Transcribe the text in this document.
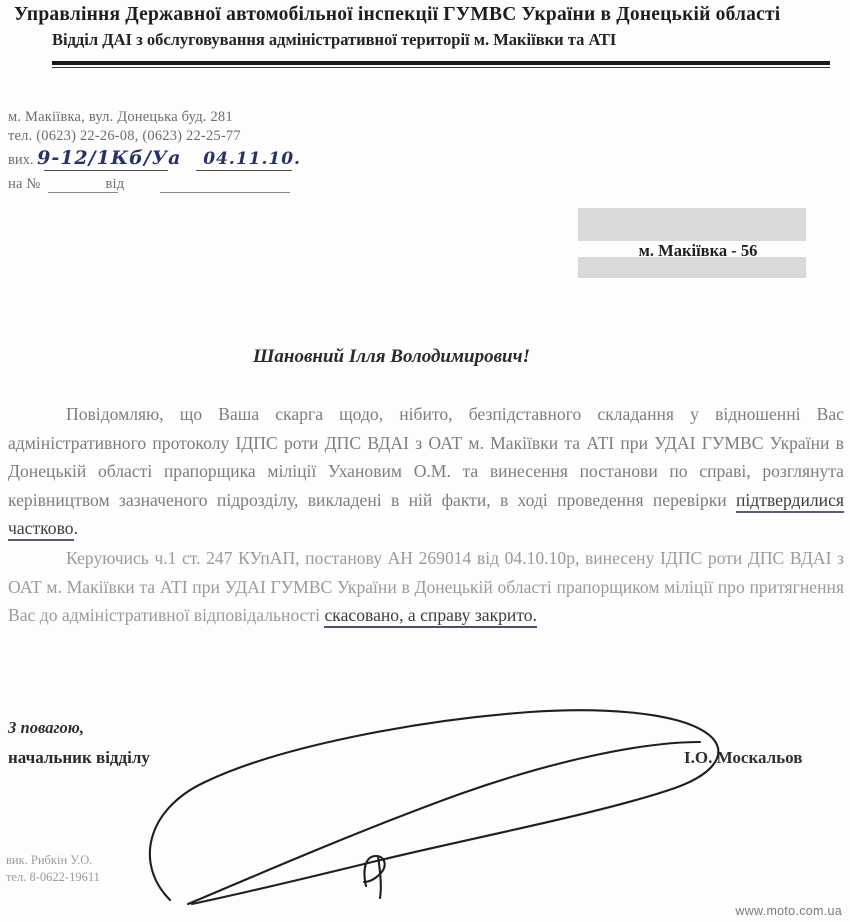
Управління Державної автомобільної інспекції ГУМВС України в Донецькій області
Відділ ДАІ з обслуговування адміністративної території м. Макіївки та АТІ
м. Макіївка, вул. Донецька буд. 281
тел. (0623) 22-26-08, (0623) 22-25-77
вих. 9-12/1Кб/Уа 04.11.10.
на №	від
м. Макіївка - 56
Шановний Ілля Володимирович!

Повідомляю, що Ваша скарга щодо, нібито, безпідставного складання у відношенні Вас адміністративного протоколу ІДПС роти ДПС ВДАІ з ОАТ м. Макіївки та АТІ при УДАІ ГУМВС України в Донецькій області прапорщика міліції Ухановим О.М. та винесення постанови по справі, розглянута керівництвом зазначеного підрозділу, викладені в ній факти, в ході проведення перевірки підтвердилися частково.

Керуючись ч.1 ст. 247 КУпАП, постанову АН 269014 від 04.10.10р, винесену ІДПС роти ДПС ВДАІ з ОАТ м. Макіївки та АТІ при УДАІ ГУМВС України в Донецькій області прапорщиком міліції про притягнення Вас до адміністративної відповідальності скасовано, а справу закрито.

З повагою,
начальник відділу	І.О. Москальов
вик. Рибкін У.О.
тел. 8-0622-19611
www.moto.com.ua
